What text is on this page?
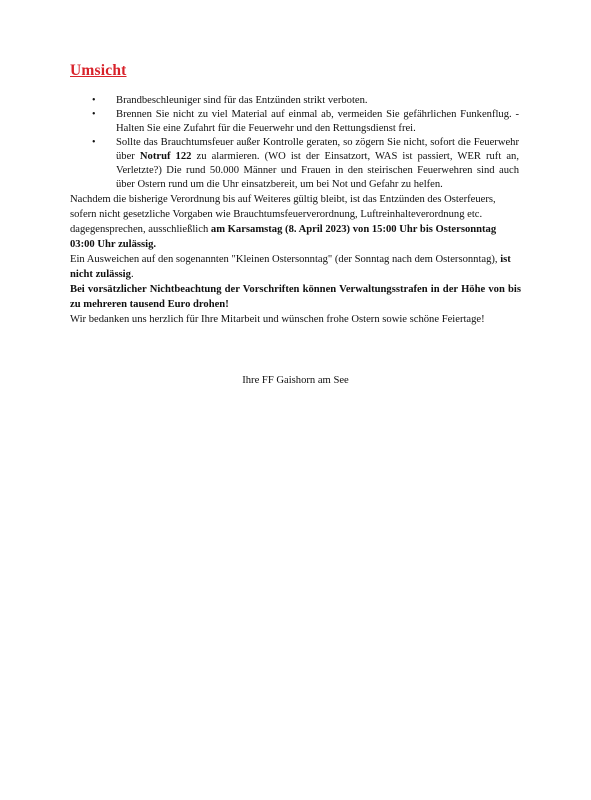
Umsicht
• Brandbeschleuniger sind für das Entzünden strikt verboten.
• Brennen Sie nicht zu viel Material auf einmal ab, vermeiden Sie gefährlichen Funkenflug. - Halten Sie eine Zufahrt für die Feuerwehr und den Rettungsdienst frei.
• Sollte das Brauchtumsfeuer außer Kontrolle geraten, so zögern Sie nicht, sofort die Feuerwehr über Notruf 122 zu alarmieren. (WO ist der Einsatzort, WAS ist passiert, WER ruft an, Verletzte?) Die rund 50.000 Männer und Frauen in den steirischen Feuerwehren sind auch über Ostern rund um die Uhr einsatzbereit, um bei Not und Gefahr zu helfen.

Nachdem die bisherige Verordnung bis auf Weiteres gültig bleibt, ist das Entzünden des Osterfeuers, sofern nicht gesetzliche Vorgaben wie Brauchtumsfeuerverordnung, Luftreinhalteverordnung etc. dagegensprechen, ausschließlich am Karsamstag (8. April 2023) von 15:00 Uhr bis Ostersonntag 03:00 Uhr zulässig.

Ein Ausweichen auf den sogenannten "Kleinen Ostersonntag" (der Sonntag nach dem Ostersonntag), ist nicht zulässig.

Bei vorsätzlicher Nichtbeachtung der Vorschriften können Verwaltungsstrafen in der Höhe von bis zu mehreren tausend Euro drohen!

Wir bedanken uns herzlich für Ihre Mitarbeit und wünschen frohe Ostern sowie schöne Feiertage!

Ihre FF Gaishorn am See
